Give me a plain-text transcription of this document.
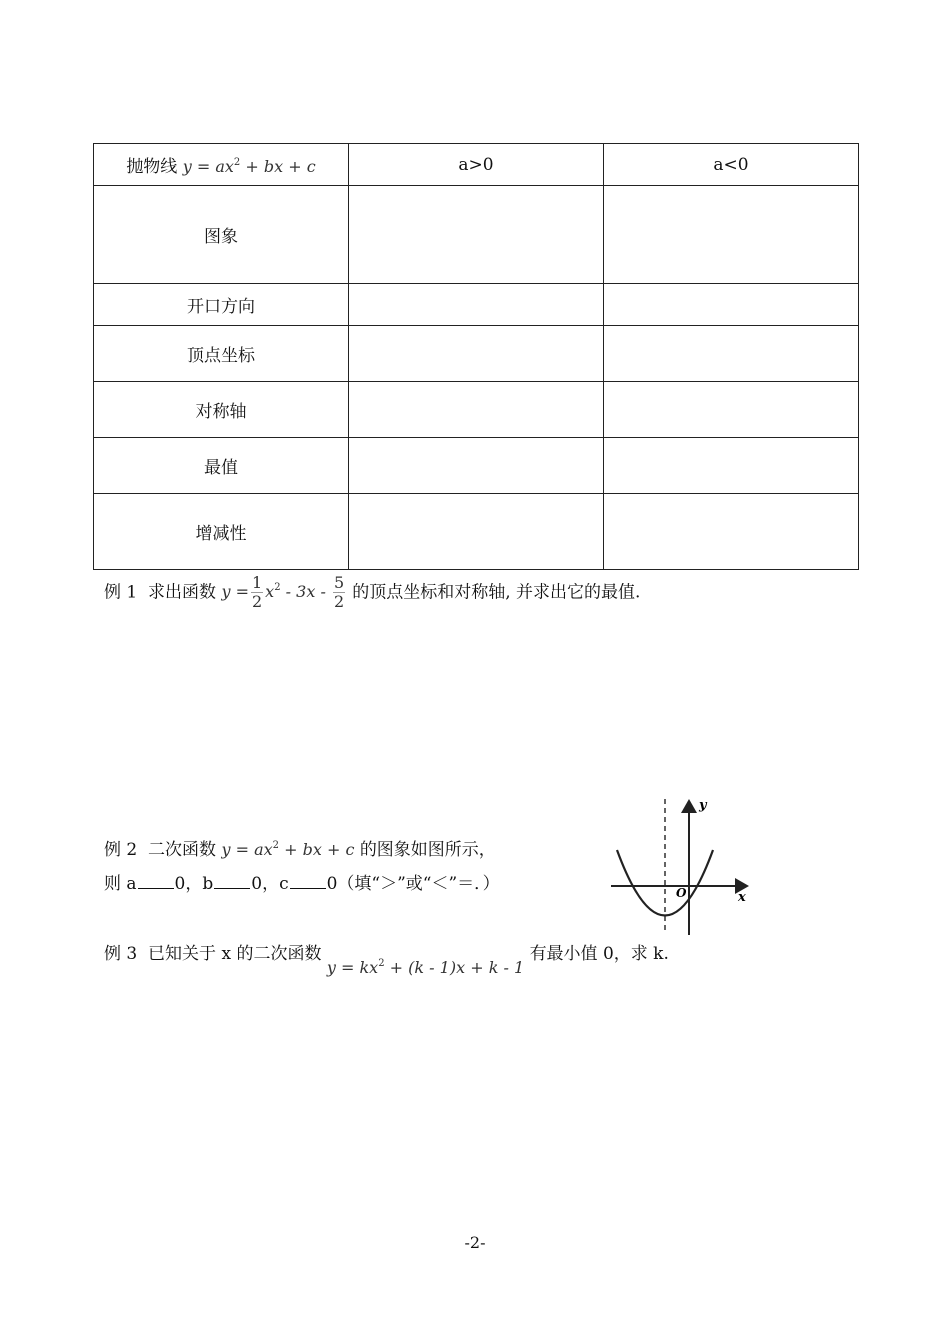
抛物线 $y = ax^2$ + bx + c	a>0	a<0
图象		
开口方向		
顶点坐标		
对称轴		
最值		
增减性		
例 1 求出函数 $y = \frac{1}{2} x^2 - 3x - \frac{5}{2}$ 的顶点坐标和对称轴, 并求出它的最值.
例 2 二次函数 $y = ax^2$ + bx + c 的图象如图所示，
则 a 0，b 0，c 0（填“＞”或“＜”＝．）
y
x
O
例 3 已知关于 x 的二次函数 $y = kx^2 + (k - 1)x + k - 1$ 有最小值 0，求 k.
-2-
